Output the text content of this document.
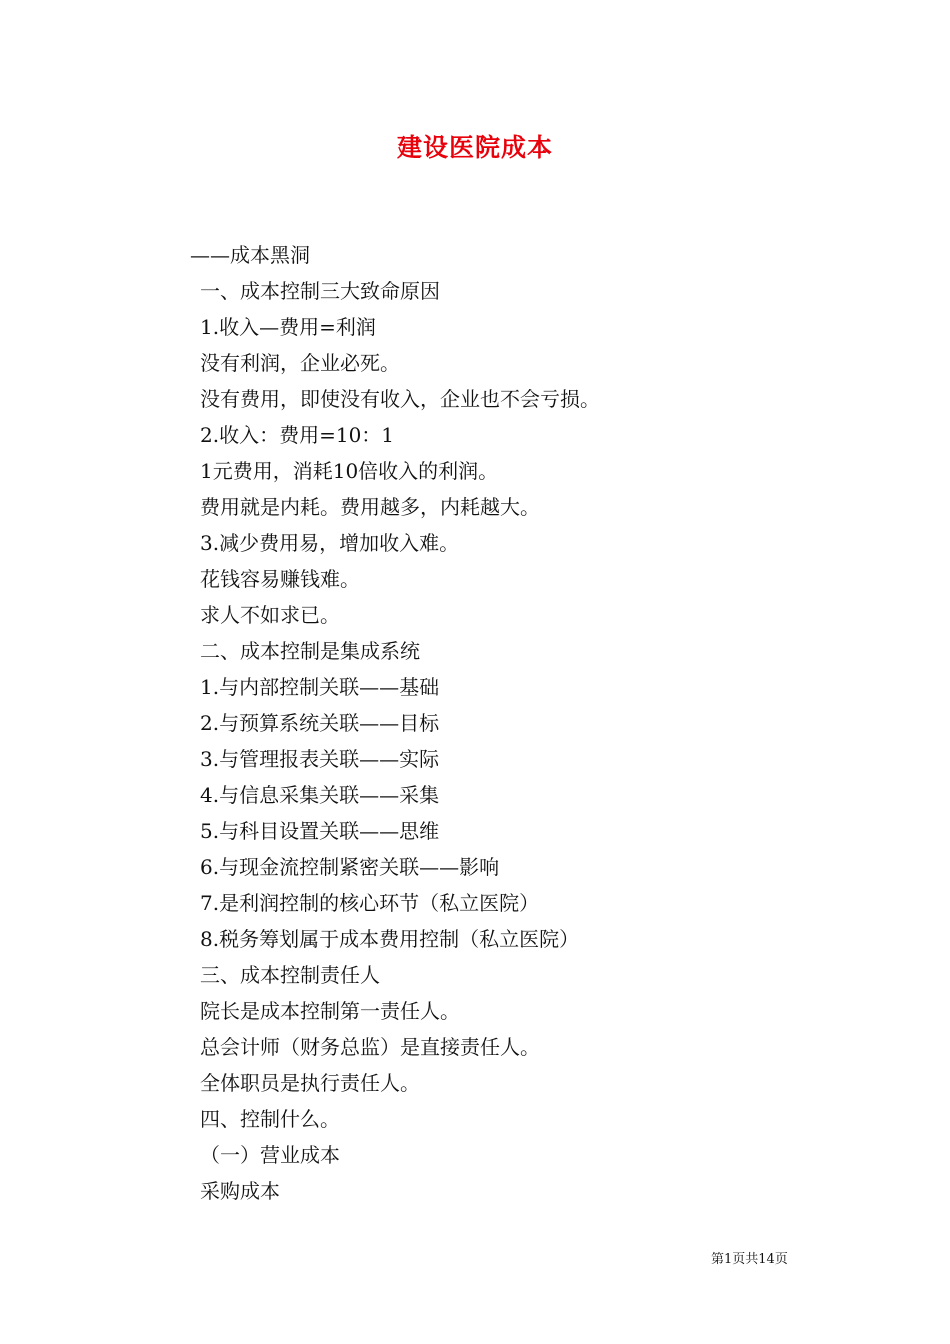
建设医院成本
——成本黑洞
一、成本控制三大致命原因
1.收入—费用=利润
没有利润，企业必死。
没有费用，即使没有收入，企业也不会亏损。
2.收入：费用=10：1
1元费用，消耗10倍收入的利润。
费用就是内耗。费用越多，内耗越大。
3.减少费用易，增加收入难。
花钱容易赚钱难。
求人不如求已。
二、成本控制是集成系统
1.与内部控制关联——基础
2.与预算系统关联——目标
3.与管理报表关联——实际
4.与信息采集关联——采集
5.与科目设置关联——思维
6.与现金流控制紧密关联——影响
7.是利润控制的核心环节（私立医院）
8.税务筹划属于成本费用控制（私立医院）
三、成本控制责任人
院长是成本控制第一责任人。
总会计师（财务总监）是直接责任人。
全体职员是执行责任人。
四、控制什么。
（一）营业成本
采购成本
第1页共14页
